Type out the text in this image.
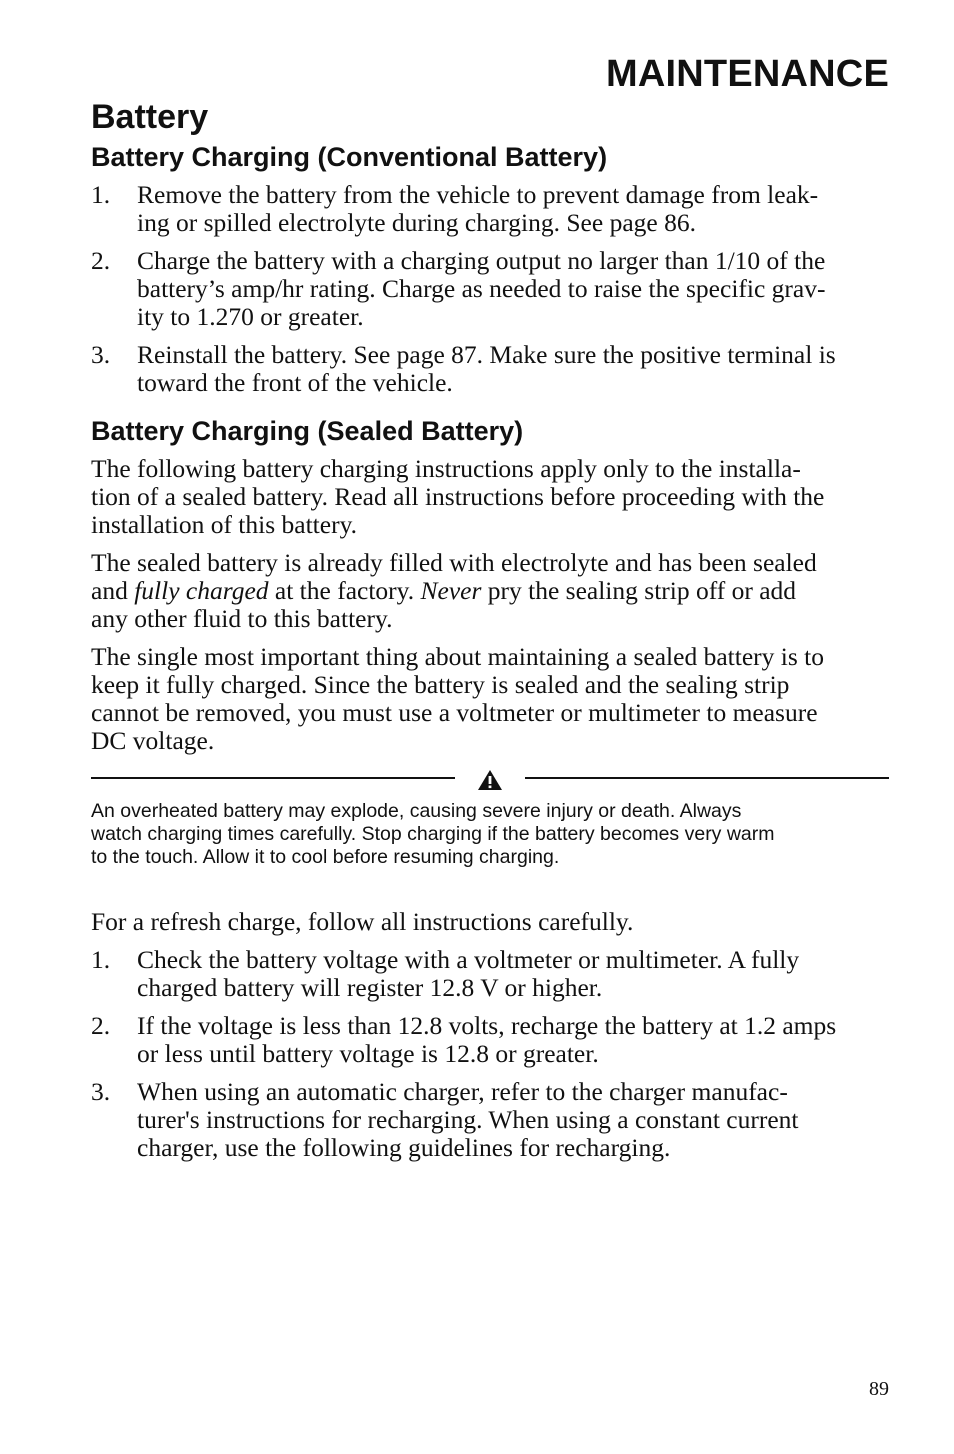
MAINTENANCE
Battery
Battery Charging (Conventional Battery)
1. Remove the battery from the vehicle to prevent damage from leak-
ing or spilled electrolyte during charging. See page 86.
2. Charge the battery with a charging output no larger than 1/10 of the
battery’s amp/hr rating. Charge as needed to raise the specific grav-
ity to 1.270 or greater.
3. Reinstall the battery. See page 87. Make sure the positive terminal is
toward the front of the vehicle.
Battery Charging (Sealed Battery)

The following battery charging instructions apply only to the installa-
tion of a sealed battery. Read all instructions before proceeding with the
installation of this battery.

The sealed battery is already filled with electrolyte and has been sealed
and fully charged at the factory. Never pry the sealing strip off or add
any other fluid to this battery.

The single most important thing about maintaining a sealed battery is to
keep it fully charged. Since the battery is sealed and the sealing strip
cannot be removed, you must use a voltmeter or multimeter to measure
DC voltage.

An overheated battery may explode, causing severe injury or death. Always
watch charging times carefully. Stop charging if the battery becomes very warm
to the touch. Allow it to cool before resuming charging.

For a refresh charge, follow all instructions carefully.

1. Check the battery voltage with a voltmeter or multimeter. A fully
charged battery will register 12.8 V or higher.
2. If the voltage is less than 12.8 volts, recharge the battery at 1.2 amps
or less until battery voltage is 12.8 or greater.
3. When using an automatic charger, refer to the charger manufac-
turer's instructions for recharging. When using a constant current
charger, use the following guidelines for recharging.
89
